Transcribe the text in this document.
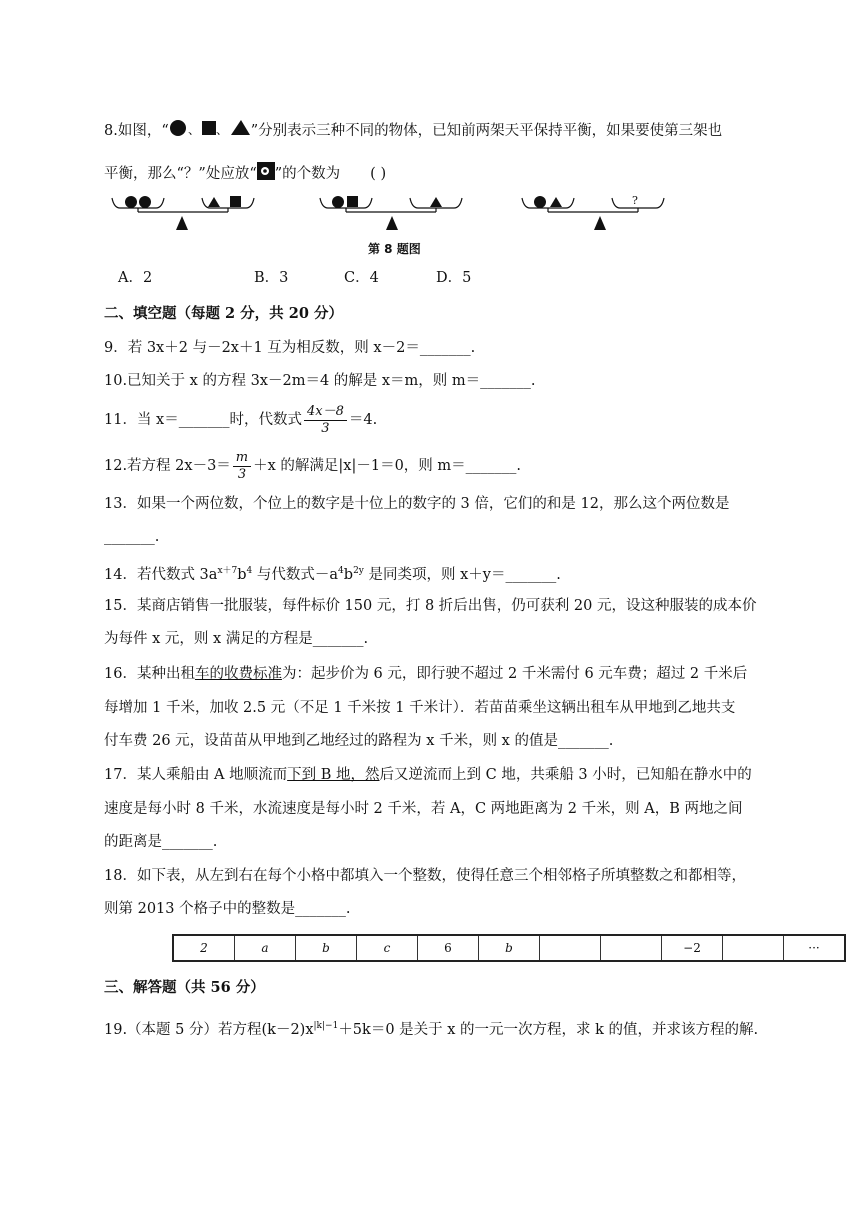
8.如图，“ 、 、 ”分别表示三种不同的物体，已知前两架天平保持平衡，如果要使第三架也
平衡，那么“？”处应放“ ”的个数为 ( )
?
第 8 题图
A．2	B．3	C．4	D．5
二、填空题（每题 2 分，共 20 分）
9．若 3x＋2 与－2x＋1 互为相反数，则 x－2＝_______.
10.已知关于 x 的方程 3x－2m＝4 的解是 x＝m，则 m＝_______.
11．当 x＝_______时，代数式 $\frac{4x-8}{3} =4$.
12.若方程 $2x-3= \frac{m}{3} +x$ 的解满足|x|－1＝0，则 m＝_______.
13．如果一个两位数，个位上的数字是十位上的数字的 3 倍，它们的和是 12，那么这个两位数是
_______.
14．若代数式 $3a^{x+7}b^4$ 与代数式$-a^4b^{2y}$ 是同类项，则 x＋y＝_______.
15．某商店销售一批服装，每件标价 150 元，打 8 折后出售，仍可获利 20 元，设这种服装的成本价
为每件 x 元，则 x 满足的方程是_______.
16．某种出租车的收费标准为：起步价为 6 元，即行驶不超过 2 千米需付 6 元车费；超过 2 千米后
每增加 1 千米，加收 2.5 元（不足 1 千米按 1 千米计）．若苗苗乘坐这辆出租车从甲地到乙地共支
付车费 26 元，设苗苗从甲地到乙地经过的路程为 x 千米，则 x 的值是_______.
17．某人乘船由 A 地顺流而下到 B 地，然后又逆流而上到 C 地，共乘船 3 小时，已知船在静水中的
速度是每小时 8 千米，水流速度是每小时 2 千米，若 A，C 两地距离为 2 千米，则 A，B 两地之间
的距离是_______.
18．如下表，从左到右在每个小格中都填入一个整数，使得任意三个相邻格子所填整数之和都相等，
则第 2013 个格子中的整数是_______.
2	a	b	c	6	b			−2		···
三、解答题（共 56 分）
19.（本题 5 分）若方程$(k-2)x^{|k|-1}+5k=0$ 是关于 x 的一元一次方程，求 k 的值，并求该方程的解.
